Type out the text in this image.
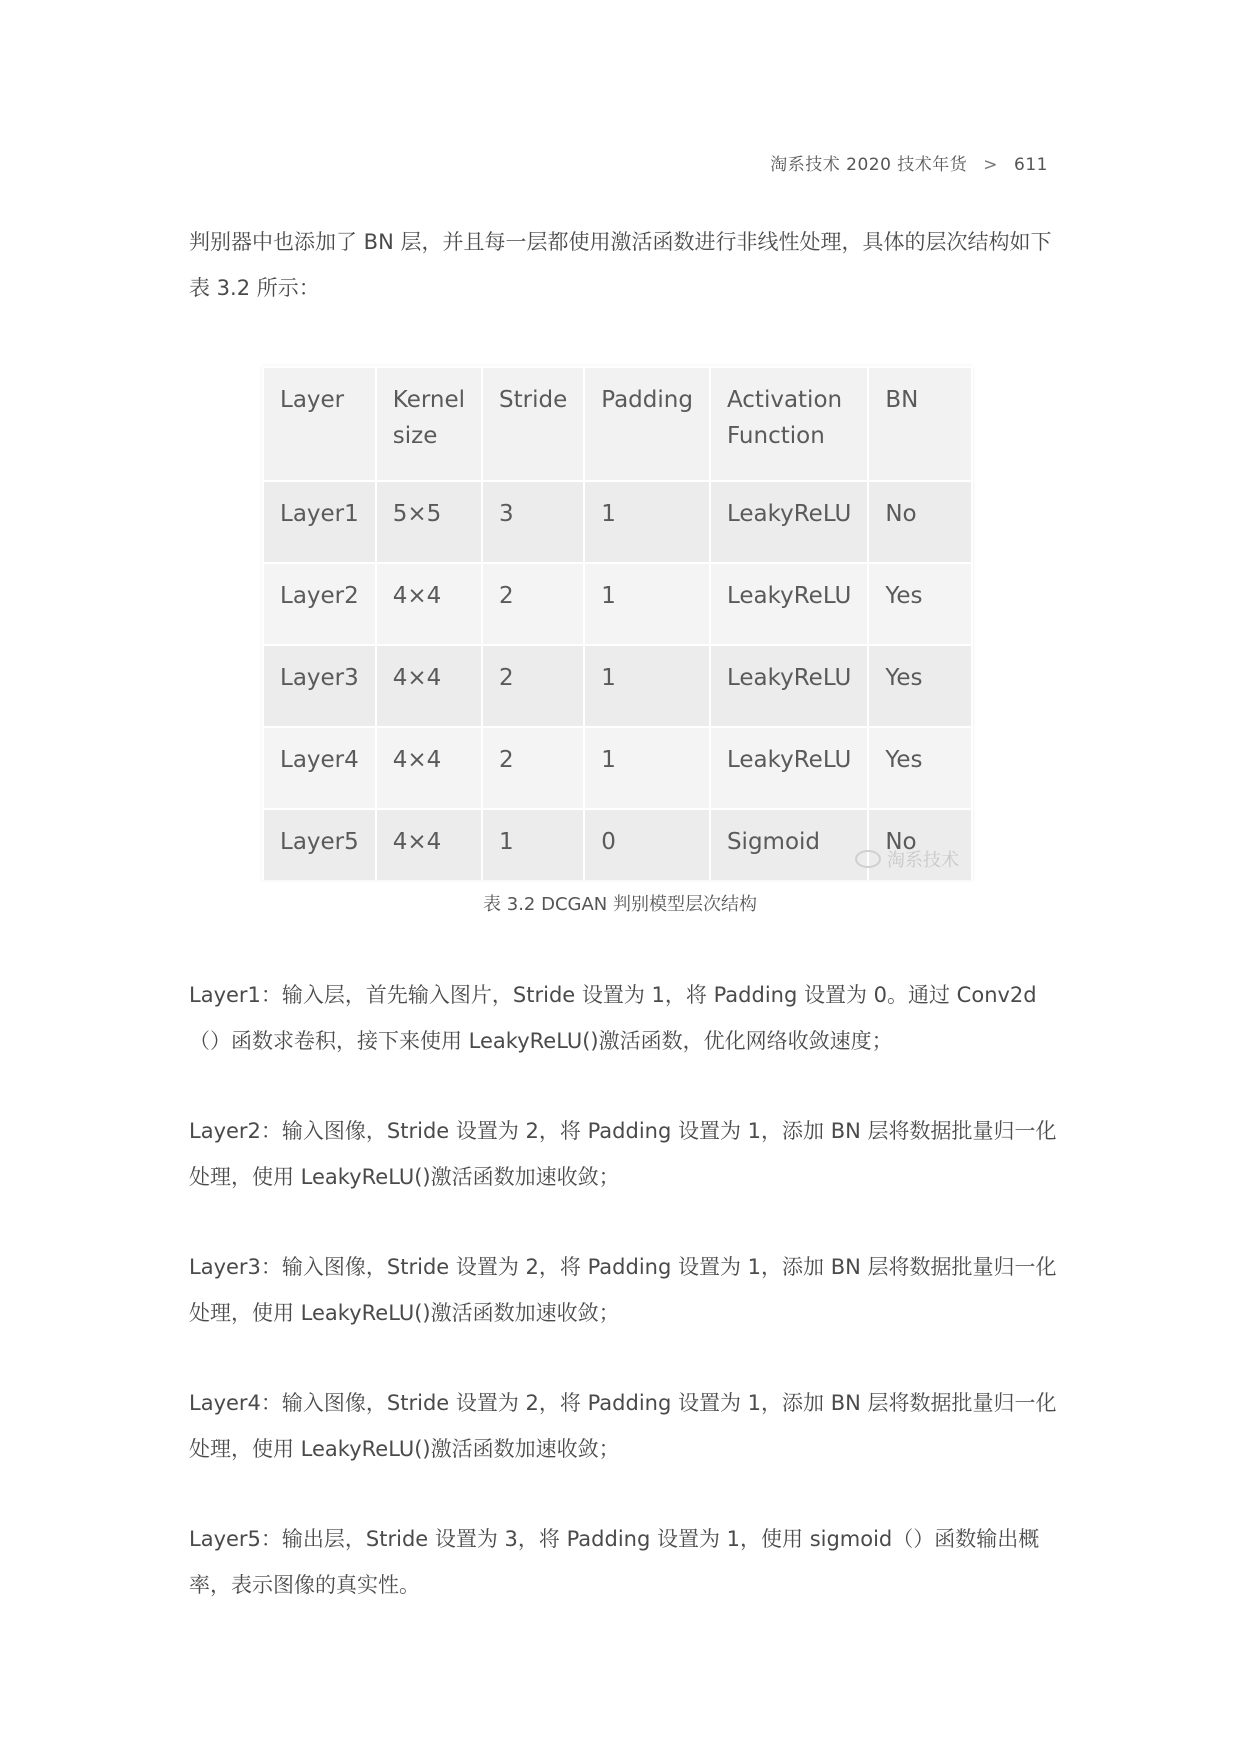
淘系技术 2020 技术年货 > 611

判别器中也添加了 BN 层，并且每一层都使用激活函数进行非线性处理，具体的层次结构如下表 3.2 所示：

Layer	Kernel size	Stride	Padding	Activation Function	BN
Layer1	5×5	3	1	LeakyReLU	No
Layer2	4×4	2	1	LeakyReLU	Yes
Layer3	4×4	2	1	LeakyReLU	Yes
Layer4	4×4	2	1	LeakyReLU	Yes
Layer5	4×4	1	0	Sigmoid	No
淘系技术
表 3.2 DCGAN 判别模型层次结构

Layer1：输入层，首先输入图片，Stride 设置为 1，将 Padding 设置为 0。通过 Conv2d（）函数求卷积，接下来使用 LeakyReLU()激活函数，优化网络收敛速度；

Layer2：输入图像，Stride 设置为 2，将 Padding 设置为 1，添加 BN 层将数据批量归一化处理，使用 LeakyReLU()激活函数加速收敛；

Layer3：输入图像，Stride 设置为 2，将 Padding 设置为 1，添加 BN 层将数据批量归一化处理，使用 LeakyReLU()激活函数加速收敛；

Layer4：输入图像，Stride 设置为 2，将 Padding 设置为 1，添加 BN 层将数据批量归一化处理，使用 LeakyReLU()激活函数加速收敛；

Layer5：输出层，Stride 设置为 3，将 Padding 设置为 1，使用 sigmoid（）函数输出概率，表示图像的真实性。
